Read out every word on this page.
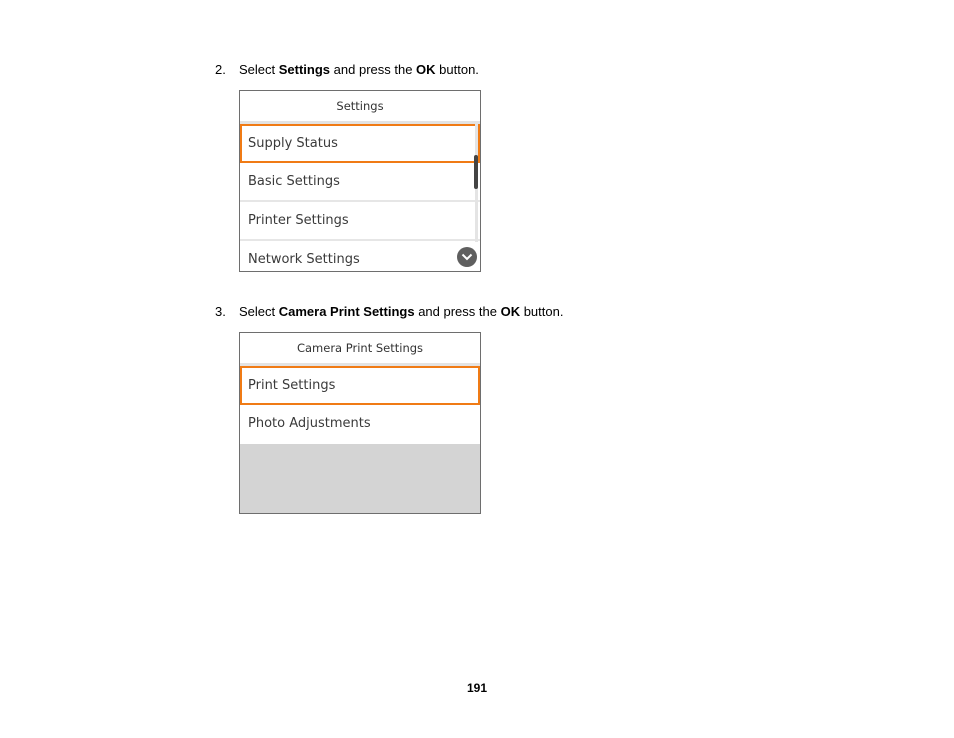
2. Select Settings and press the OK button.
Settings
Supply Status
Basic Settings
Printer Settings
Network Settings
3. Select Camera Print Settings and press the OK button.
Camera Print Settings
Print Settings
Photo Adjustments
191
